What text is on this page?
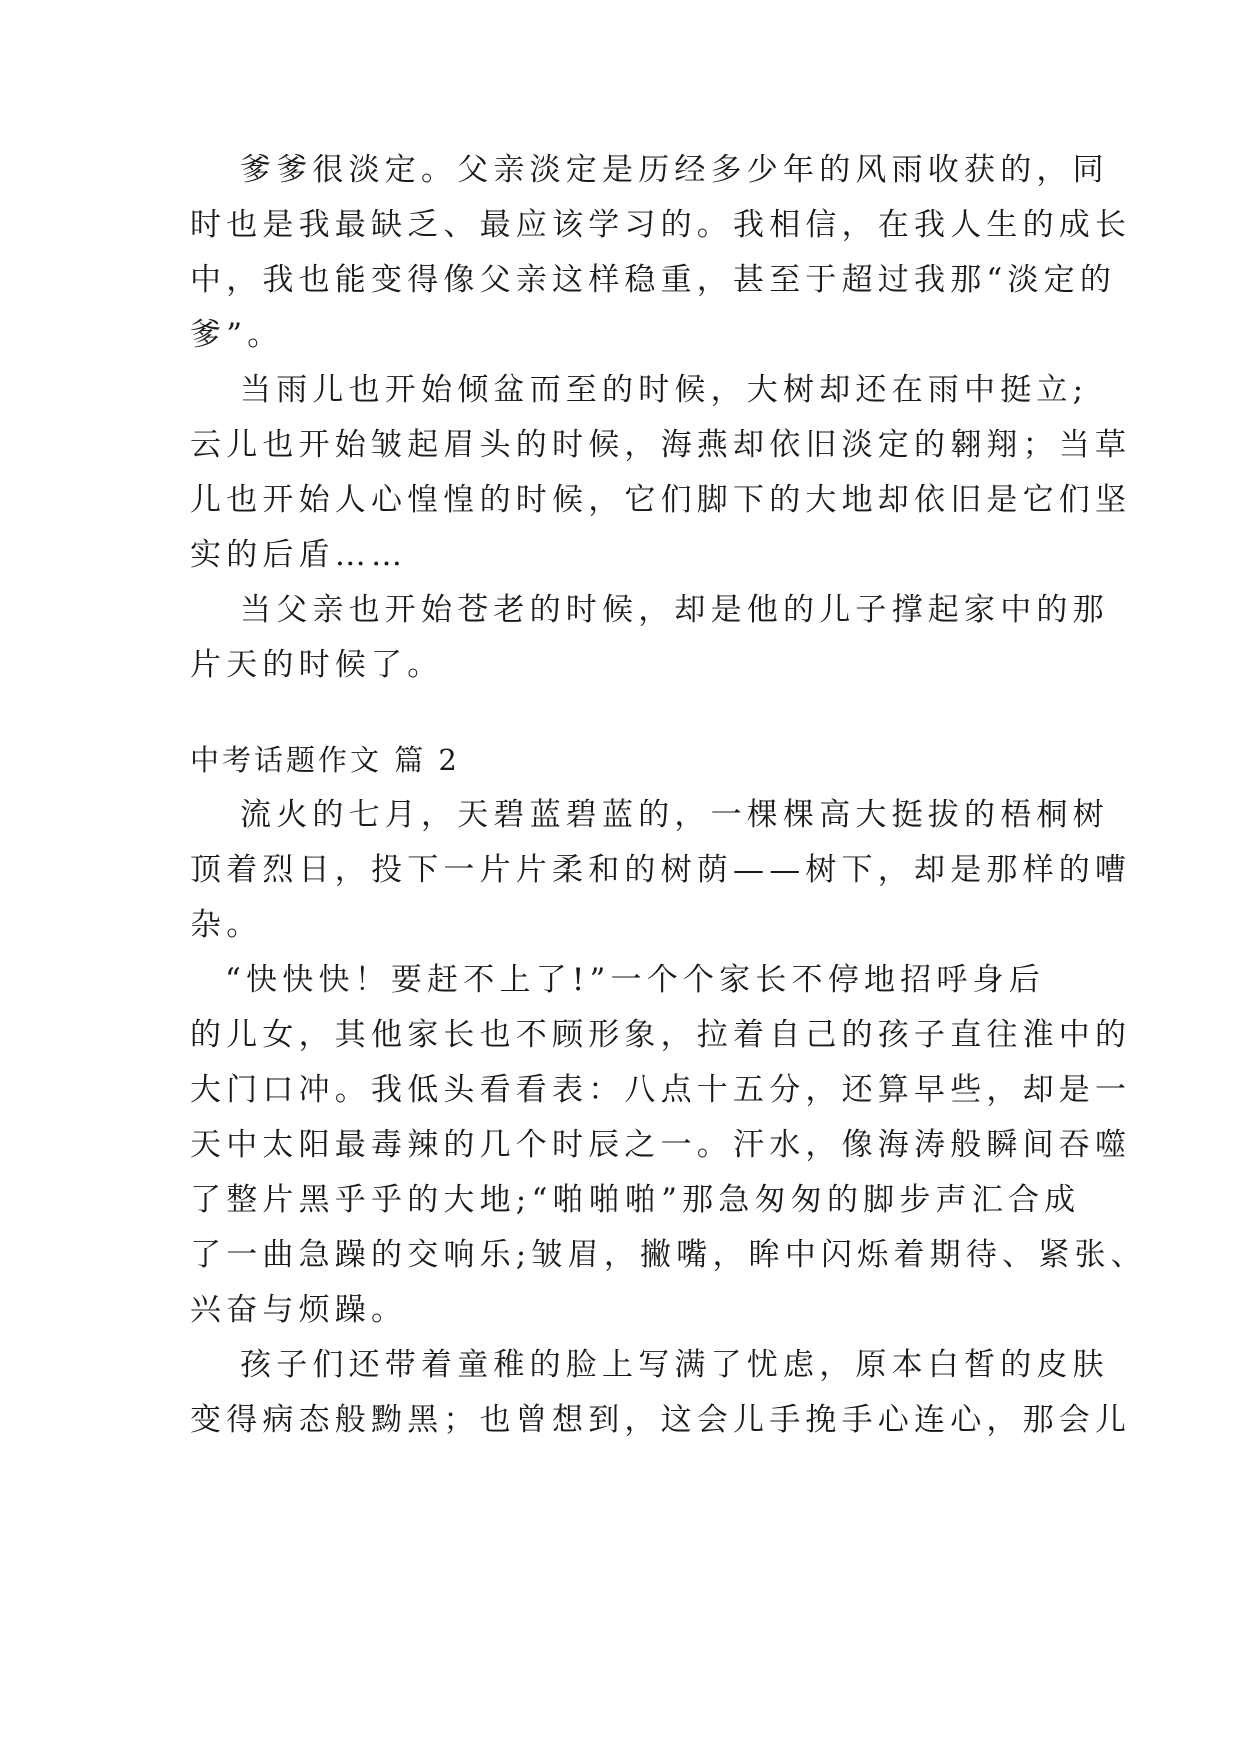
爹爹很淡定。父亲淡定是历经多少年的风雨收获的，同
时也是我最缺乏、最应该学习的。我相信，在我人生的成长
中，我也能变得像父亲这样稳重，甚至于超过我那“淡定的
爹”。
当雨儿也开始倾盆而至的时候，大树却还在雨中挺立;
云儿也开始皱起眉头的时候，海燕却依旧淡定的翱翔；当草
儿也开始人心惶惶的时候，它们脚下的大地却依旧是它们坚
实的后盾……
当父亲也开始苍老的时候，却是他的儿子撑起家中的那
片天的时候了。
中考话题作文 篇 2
流火的七月，天碧蓝碧蓝的，一棵棵高大挺拔的梧桐树
顶着烈日，投下一片片柔和的树荫——树下，却是那样的嘈
杂。
“快快快！要赶不上了!”一个个家长不停地招呼身后
的儿女，其他家长也不顾形象，拉着自己的孩子直往淮中的
大门口冲。我低头看看表：八点十五分，还算早些，却是一
天中太阳最毒辣的几个时辰之一。汗水，像海涛般瞬间吞噬
了整片黑乎乎的大地;“啪啪啪”那急匆匆的脚步声汇合成
了一曲急躁的交响乐;皱眉，撇嘴，眸中闪烁着期待、紧张、
兴奋与烦躁。
孩子们还带着童稚的脸上写满了忧虑，原本白皙的皮肤
变得病态般黝黑；也曾想到，这会儿手挽手心连心，那会儿
